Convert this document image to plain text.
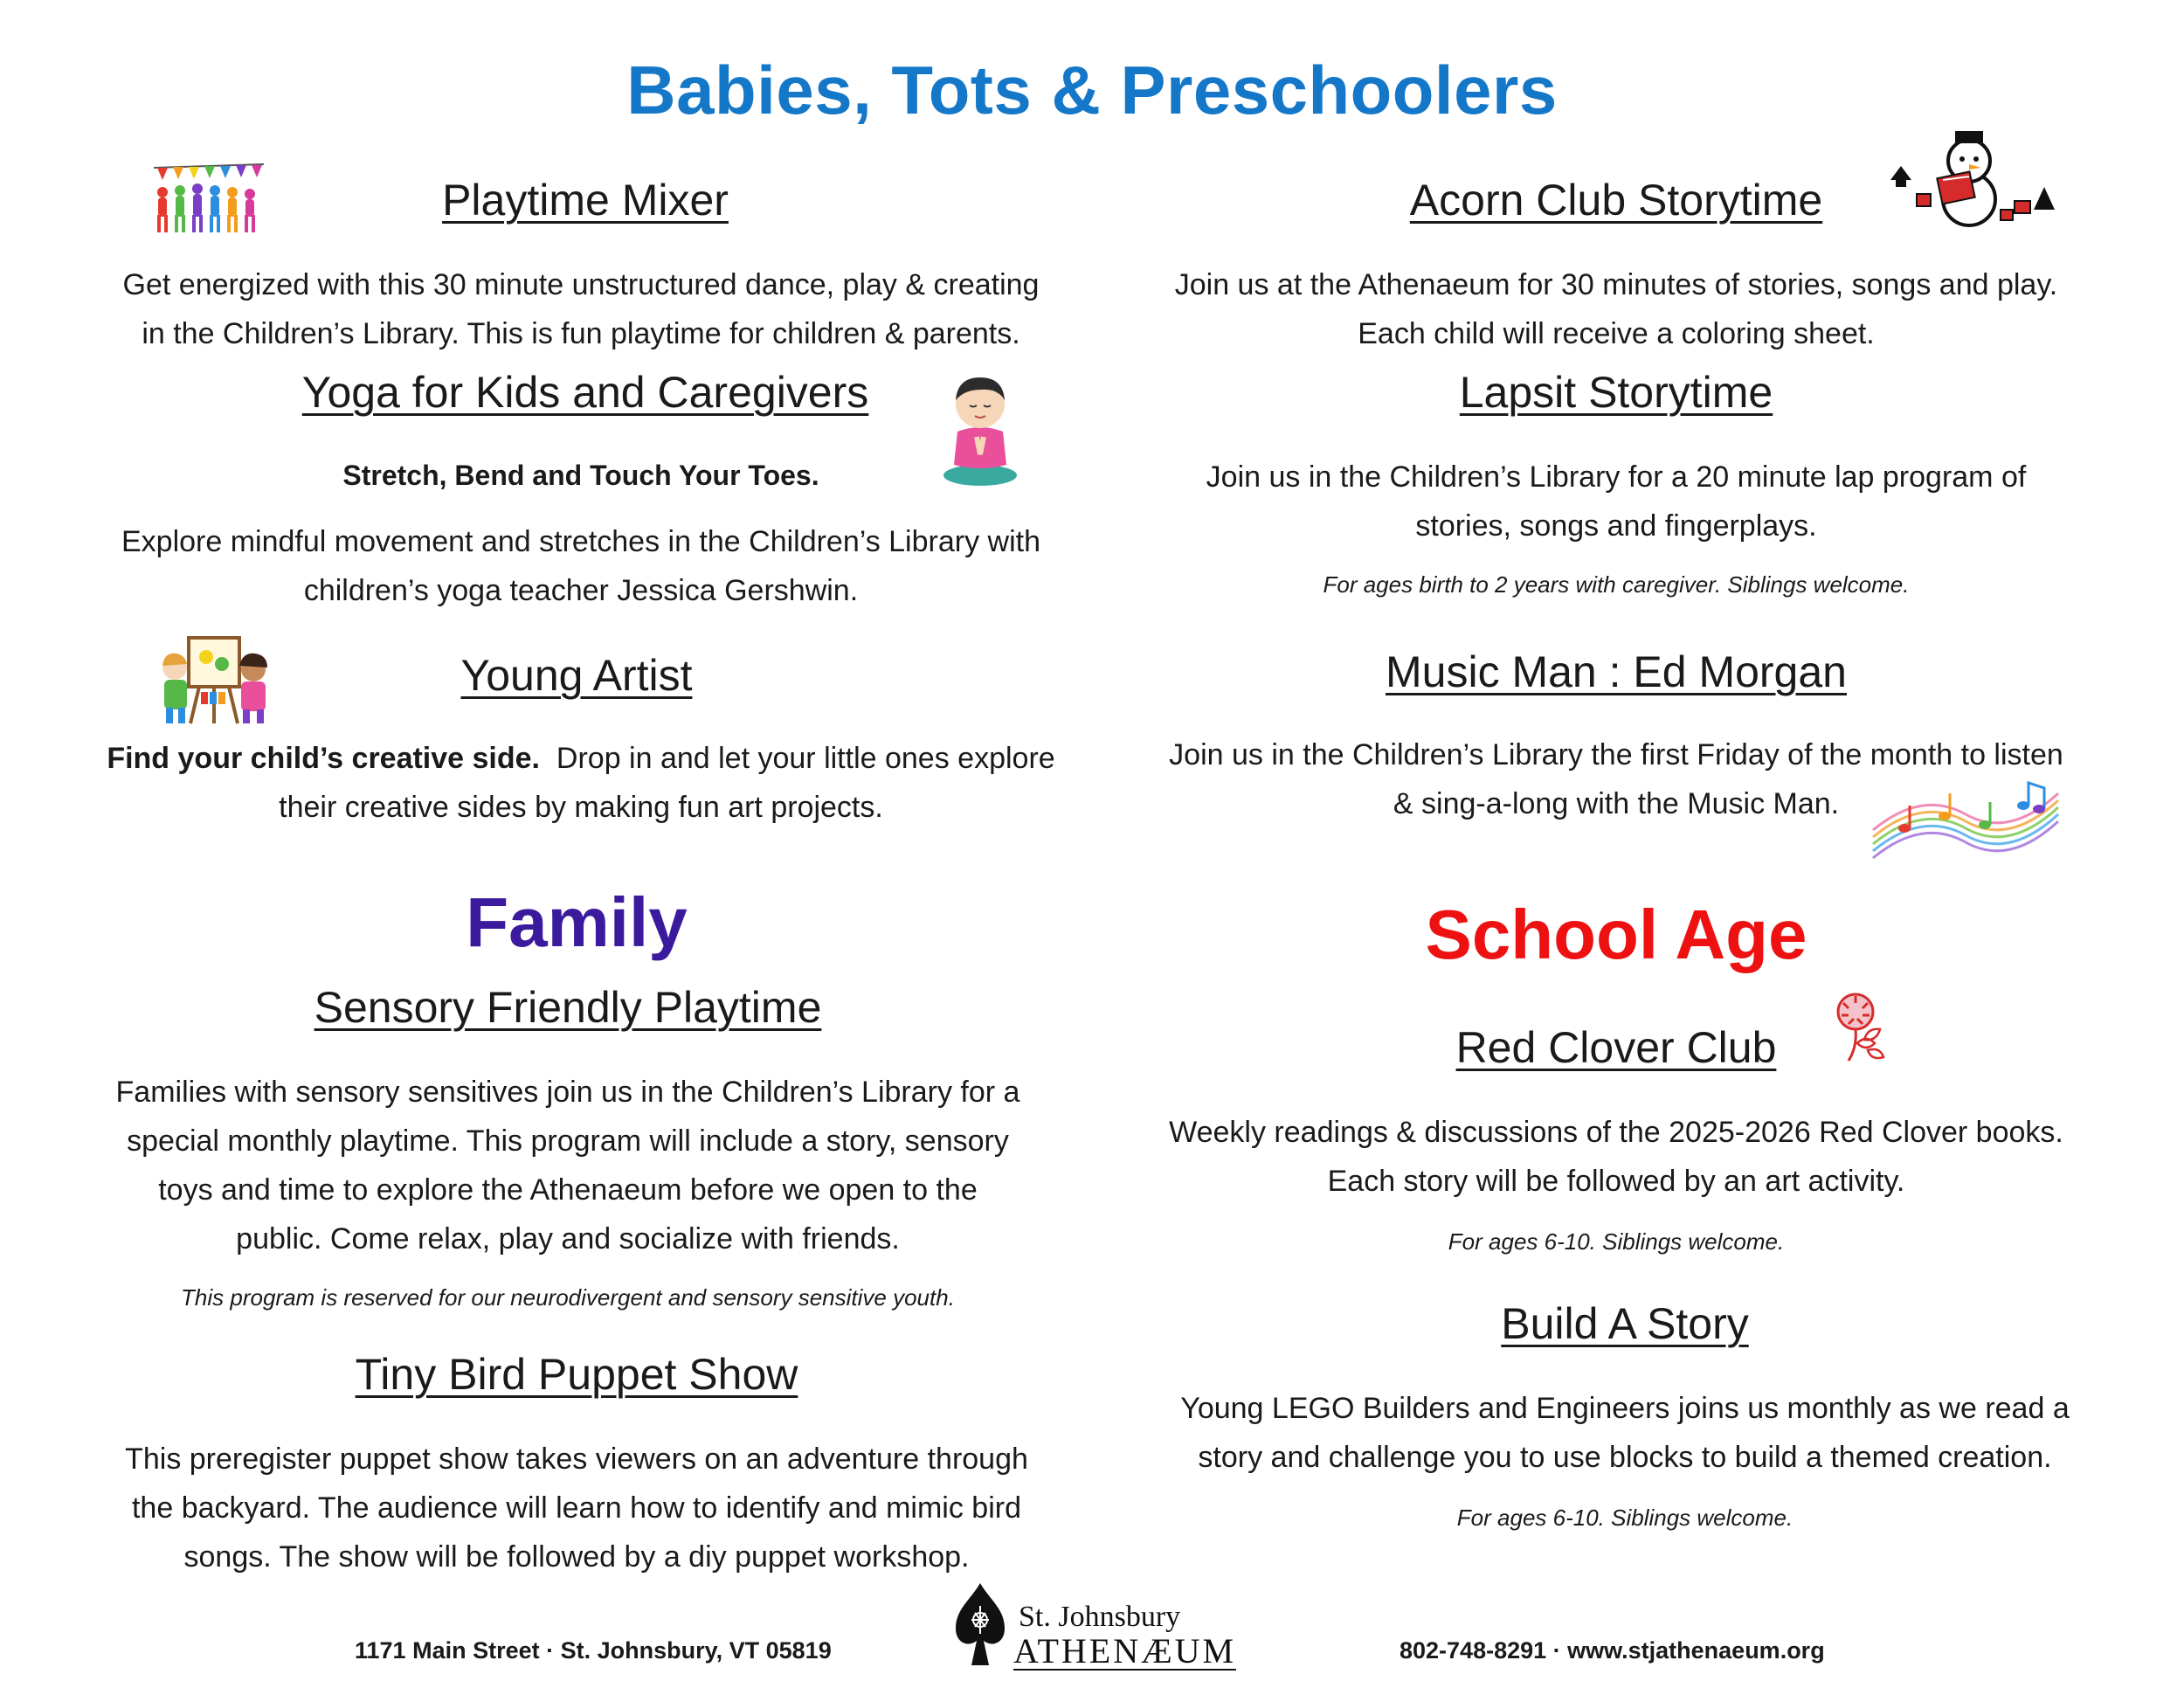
Babies, Tots & Preschoolers
Playtime Mixer
Get energized with this 30 minute unstructured dance, play & creating
in the Children’s Library. This is fun playtime for children & parents.
Yoga for Kids and Caregivers
Stretch, Bend and Touch Your Toes.
Explore mindful movement and stretches in the Children’s Library with
children’s yoga teacher Jessica Gershwin.
Young Artist
Find your child’s creative side.  Drop in and let your little ones explore
their creative sides by making fun art projects.
Acorn Club Storytime
Join us at the Athenaeum for 30 minutes of stories, songs and play.
Each child will receive a coloring sheet.
Lapsit Storytime
Join us in the Children’s Library for a 20 minute lap program of
stories, songs and fingerplays.
For ages birth to 2 years with caregiver. Siblings welcome.
Music Man : Ed Morgan
Join us in the Children’s Library the first Friday of the month to listen
& sing-a-long with the Music Man.
Family
Sensory Friendly Playtime
Families with sensory sensitives join us in the Children’s Library for a
special monthly playtime. This program will include a story, sensory
toys and time to explore the Athenaeum before we open to the
public. Come relax, play and socialize with friends.
This program is reserved for our neurodivergent and sensory sensitive youth.
Tiny Bird Puppet Show
This preregister puppet show takes viewers on an adventure through
the backyard. The audience will learn how to identify and mimic bird
songs. The show will be followed by a diy puppet workshop.
School Age
Red Clover Club
Weekly readings & discussions of the 2025-2026 Red Clover books.
Each story will be followed by an art activity.
For ages 6-10. Siblings welcome.
Build A Story
Young LEGO Builders and Engineers joins us monthly as we read a
story and challenge you to use blocks to build a themed creation.
For ages 6-10. Siblings welcome.
1171 Main Street · St. Johnsbury, VT 05819
St. Johnsbury
ATHENÆUM	802-748-8291 · www.stjathenaeum.org
